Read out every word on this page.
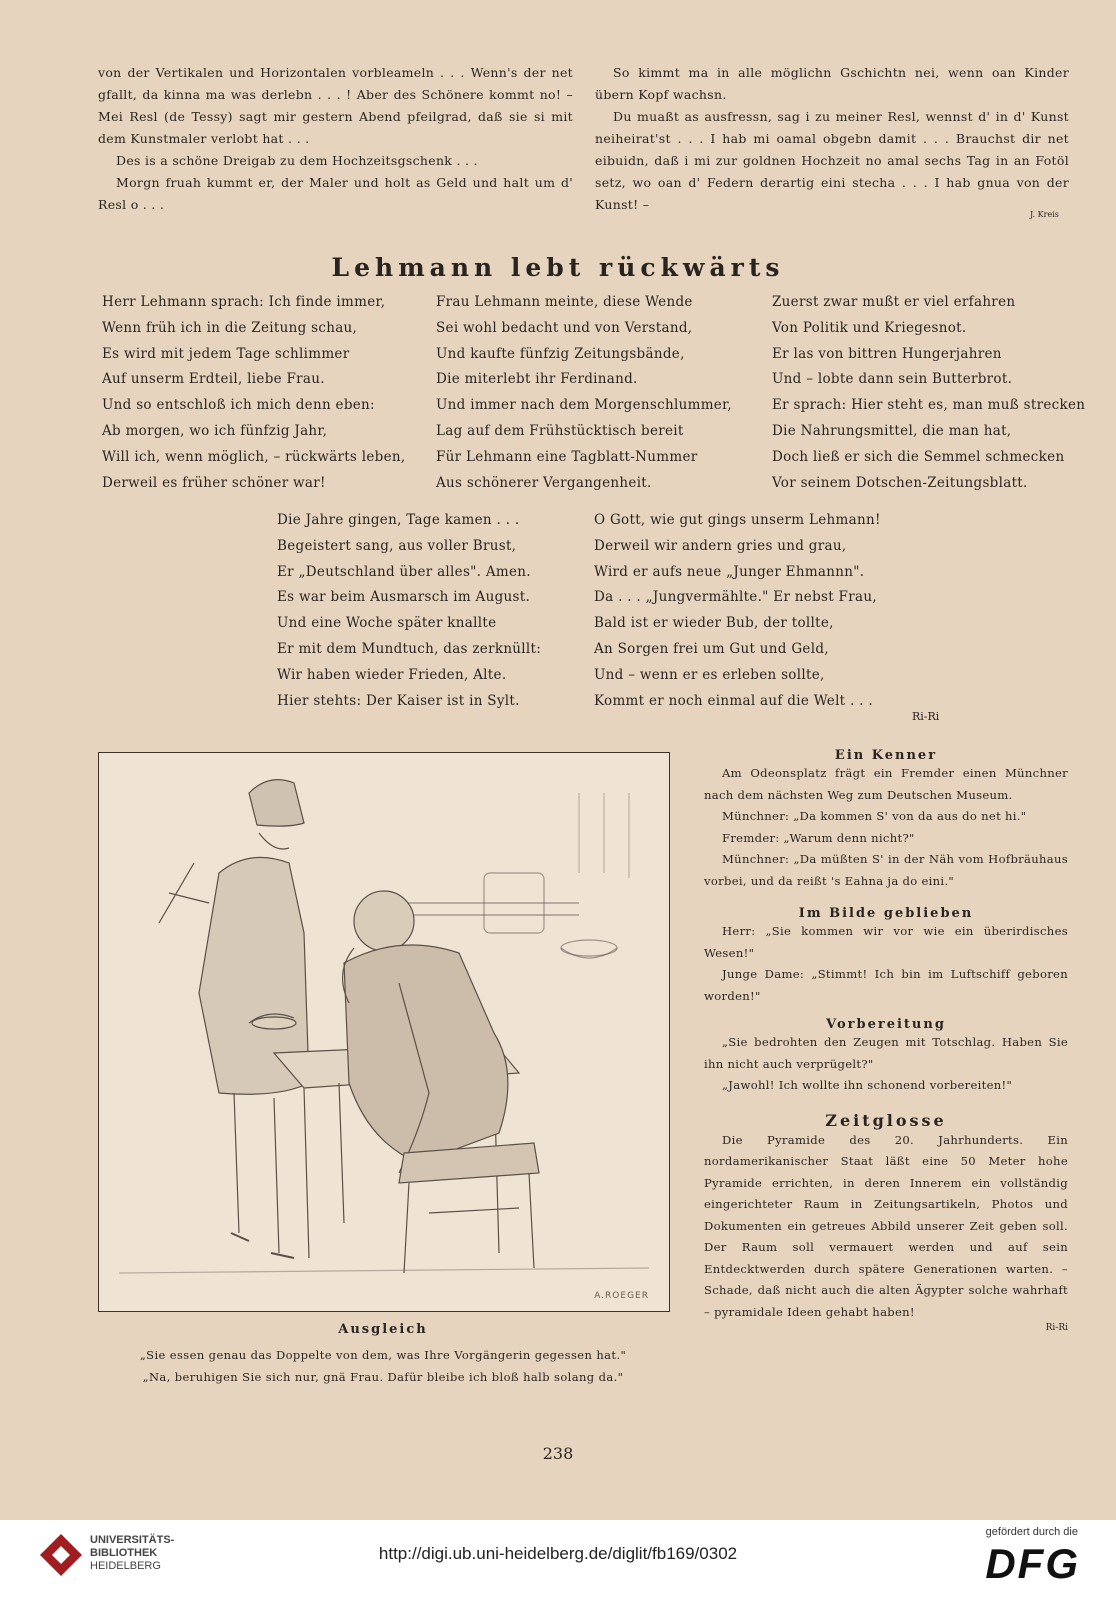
von der Vertikalen und Horizontalen vorbleameln . . . Wenn's der net gfallt, da kinna ma was derlebn . . . ! Aber des Schönere kommt no! – Mei Resl (de Tessy) sagt mir gestern Abend pfeilgrad, daß sie si mit dem Kunstmaler verlobt hat . . .

Des is a schöne Dreigab zu dem Hochzeitsgschenk . . .

Morgn fruah kummt er, der Maler und holt as Geld und halt um d' Resl o . . .

So kimmt ma in alle möglichn Gschichtn nei, wenn oan Kinder übern Kopf wachsn.

Du muaßt as ausfressn, sag i zu meiner Resl, wennst d' in d' Kunst neiheirat'st . . . I hab mi oamal obgebn damit . . . Brauchst dir net eibuidn, daß i mi zur goldnen Hochzeit no amal sechs Tag in an Fotöl setz, wo oan d' Federn derartig eini stecha . . . I hab gnua von der Kunst! –

J. Kreis
Lehmann lebt rückwärts
Herr Lehmann sprach: Ich finde immer,
Wenn früh ich in die Zeitung schau,
Es wird mit jedem Tage schlimmer
Auf unserm Erdteil, liebe Frau.
Und so entschloß ich mich denn eben:
Ab morgen, wo ich fünfzig Jahr,
Will ich, wenn möglich, – rückwärts leben,
Derweil es früher schöner war!
Frau Lehmann meinte, diese Wende
Sei wohl bedacht und von Verstand,
Und kaufte fünfzig Zeitungsbände,
Die miterlebt ihr Ferdinand.
Und immer nach dem Morgenschlummer,
Lag auf dem Frühstücktisch bereit
Für Lehmann eine Tagblatt-Nummer
Aus schönerer Vergangenheit.
Zuerst zwar mußt er viel erfahren
Von Politik und Kriegesnot.
Er las von bittren Hungerjahren
Und – lobte dann sein Butterbrot.
Er sprach: Hier steht es, man muß strecken
Die Nahrungsmittel, die man hat,
Doch ließ er sich die Semmel schmecken
Vor seinem Dotschen-Zeitungsblatt.
Die Jahre gingen, Tage kamen . . .
Begeistert sang, aus voller Brust,
Er „Deutschland über alles". Amen.
Es war beim Ausmarsch im August.
Und eine Woche später knallte
Er mit dem Mundtuch, das zerknüllt:
Wir haben wieder Frieden, Alte.
Hier stehts: Der Kaiser ist in Sylt.
O Gott, wie gut gings unserm Lehmann!
Derweil wir andern gries und grau,
Wird er aufs neue „Junger Ehmannn".
Da . . . „Jungvermählte." Er nebst Frau,
Bald ist er wieder Bub, der tollte,
An Sorgen frei um Gut und Geld,
Und – wenn er es erleben sollte,
Kommt er noch einmal auf die Welt . . .
Ri-Ri
A.ROEGER
Ausgleich
„Sie essen genau das Doppelte von dem, was Ihre Vorgängerin gegessen hat."
„Na, beruhigen Sie sich nur, gnä Frau. Dafür bleibe ich bloß halb solang da."
Ein Kenner

Am Odeonsplatz frägt ein Fremder einen Münchner nach dem nächsten Weg zum Deutschen Museum.

Münchner: „Da kommen S' von da aus do net hi."

Fremder: „Warum denn nicht?"

Münchner: „Da müßten S' in der Näh vom Hofbräuhaus vorbei, und da reißt 's Eahna ja do eini."

Im Bilde geblieben

Herr: „Sie kommen wir vor wie ein überirdisches Wesen!"

Junge Dame: „Stimmt! Ich bin im Luftschiff geboren worden!"

Vorbereitung

„Sie bedrohten den Zeugen mit Totschlag. Haben Sie ihn nicht auch verprügelt?"

„Jawohl! Ich wollte ihn schonend vorbereiten!"

Zeitglosse

Die Pyramide des 20. Jahrhunderts. Ein nordamerikanischer Staat läßt eine 50 Meter hohe Pyramide errichten, in deren Innerem ein vollständig eingerichteter Raum in Zeitungsartikeln, Photos und Dokumenten ein getreues Abbild unserer Zeit geben soll. Der Raum soll vermauert werden und auf sein Entdecktwerden durch spätere Generationen warten. – Schade, daß nicht auch die alten Ägypter solche wahrhaft – pyramidale Ideen gehabt haben!

Ri-Ri
238
UNIVERSITÄTS-
BIBLIOTHEK
HEIDELBERG
http://digi.ub.uni-heidelberg.de/diglit/fb169/0302
gefördert durch die
DFG
